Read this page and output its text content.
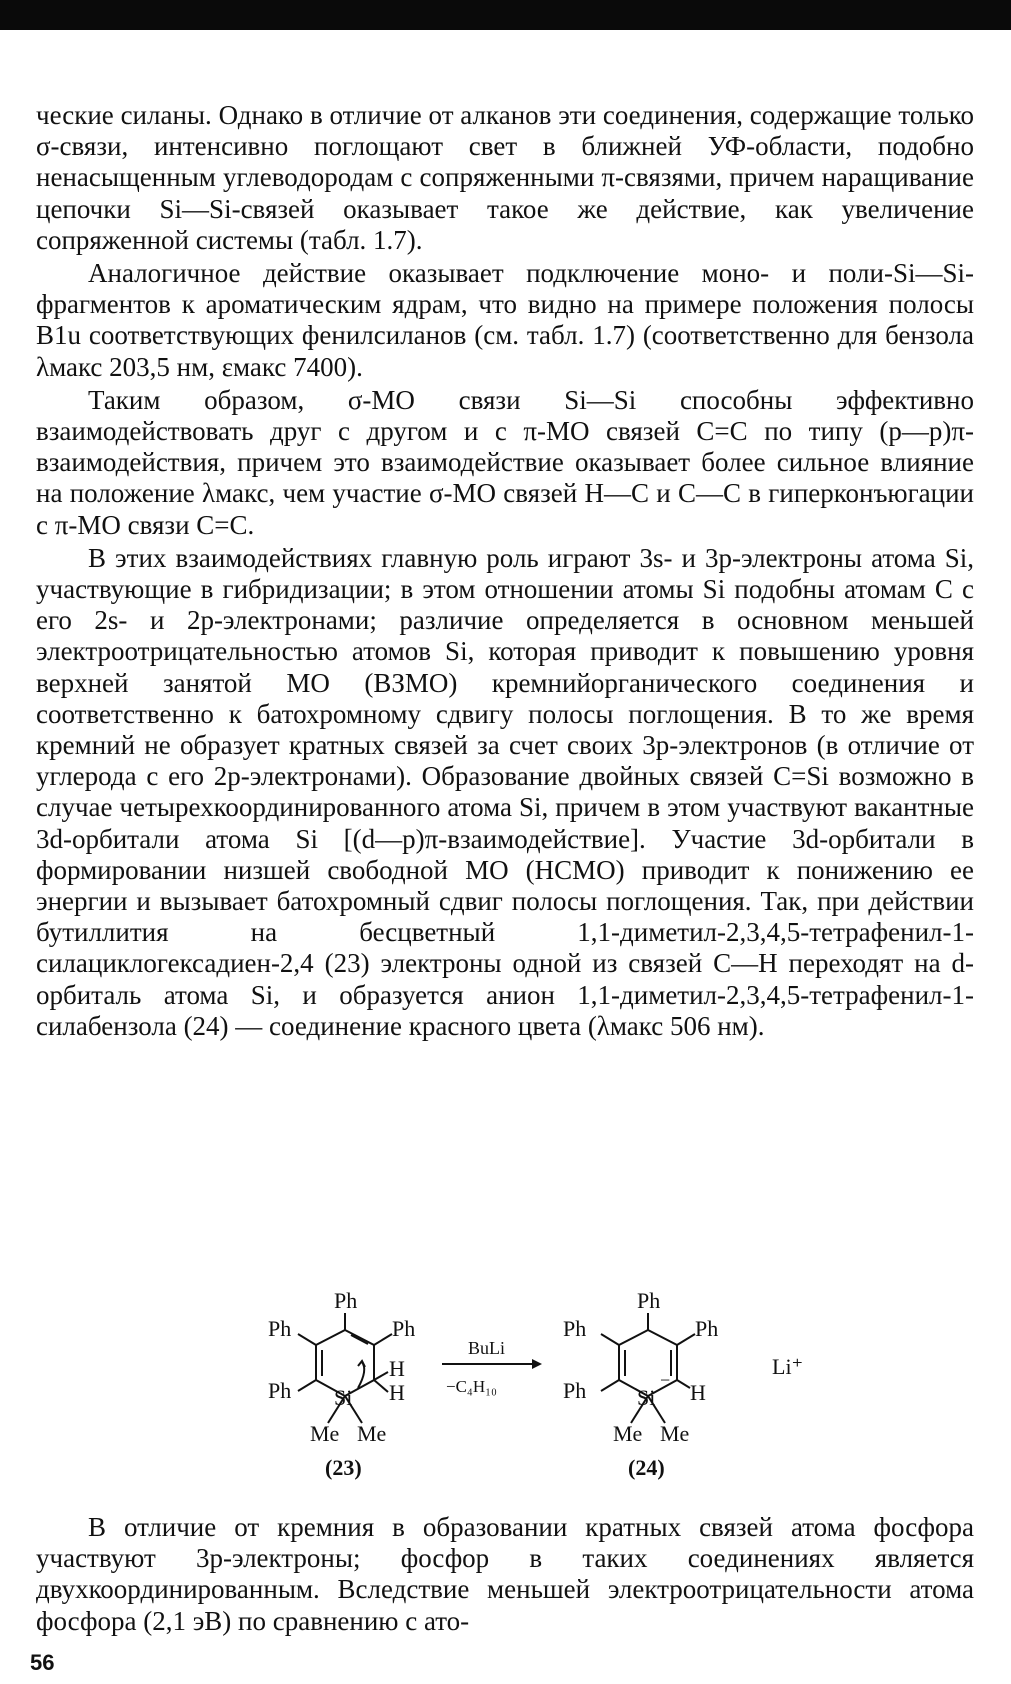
ческие силаны. Однако в отличие от алканов эти соединения, содержащие только σ-связи, интенсивно поглощают свет в ближней УФ-области, подобно ненасыщенным углеводородам с сопряженными π-связями, причем наращивание цепочки Si—Si-связей оказывает такое же действие, как увеличение сопряженной системы (табл. 1.7).

Аналогичное действие оказывает подключение моно- и поли-Si—Si-фрагментов к ароматическим ядрам, что видно на примере положения полосы B1u соответствующих фенилсиланов (см. табл. 1.7) (соответственно для бензола λмакс 203,5 нм, εмакс 7400).

Таким образом, σ-МО связи Si—Si способны эффективно взаимодействовать друг с другом и с π-МО связей C=C по типу (p—p)π-взаимодействия, причем это взаимодействие оказывает более сильное влияние на положение λмакс, чем участие σ-МО связей H—C и C—C в гиперконъюгации с π-МО связи C=C.

В этих взаимодействиях главную роль играют 3s- и 3p-электроны атома Si, участвующие в гибридизации; в этом отношении атомы Si подобны атомам C с его 2s- и 2p-электронами; различие определяется в основном меньшей электроотрицательностью атомов Si, которая приводит к повышению уровня верхней занятой МО (ВЗМО) кремнийорганического соединения и соответственно к батохромному сдвигу полосы поглощения. В то же время кремний не образует кратных связей за счет своих 3p-электронов (в отличие от углерода с его 2p-электронами). Образование двойных связей C=Si возможно в случае четырехкоординированного атома Si, причем в этом участвуют вакантные 3d-орбитали атома Si [(d—p)π-взаимодействие]. Участие 3d-орбитали в формировании низшей свободной МО (НСМО) приводит к понижению ее энергии и вызывает батохромный сдвиг полосы поглощения. Так, при действии бутиллития на бесцветный 1,1-диметил-2,3,4,5-тетрафенил-1-силациклогексадиен-2,4 (23) электроны одной из связей C—H переходят на d-орбиталь атома Si, и образуется анион 1,1-диметил-2,3,4,5-тетрафенил-1-силабензола (24) — соединение красного цвета (λмакс 506 нм).

Ph
Ph	Ph
Ph
H
H
Si
Me Me
(23)
BuLi
−C₄H₁₀
Ph
Ph	Ph
Ph	H
Si
−
Me Me
(24)
Li⁺

В отличие от кремния в образовании кратных связей атома фосфора участвуют 3p-электроны; фосфор в таких соединениях является двухкоординированным. Вследствие меньшей электроотрицательности атома фосфора (2,1 эВ) по сравнению с ато-

56
